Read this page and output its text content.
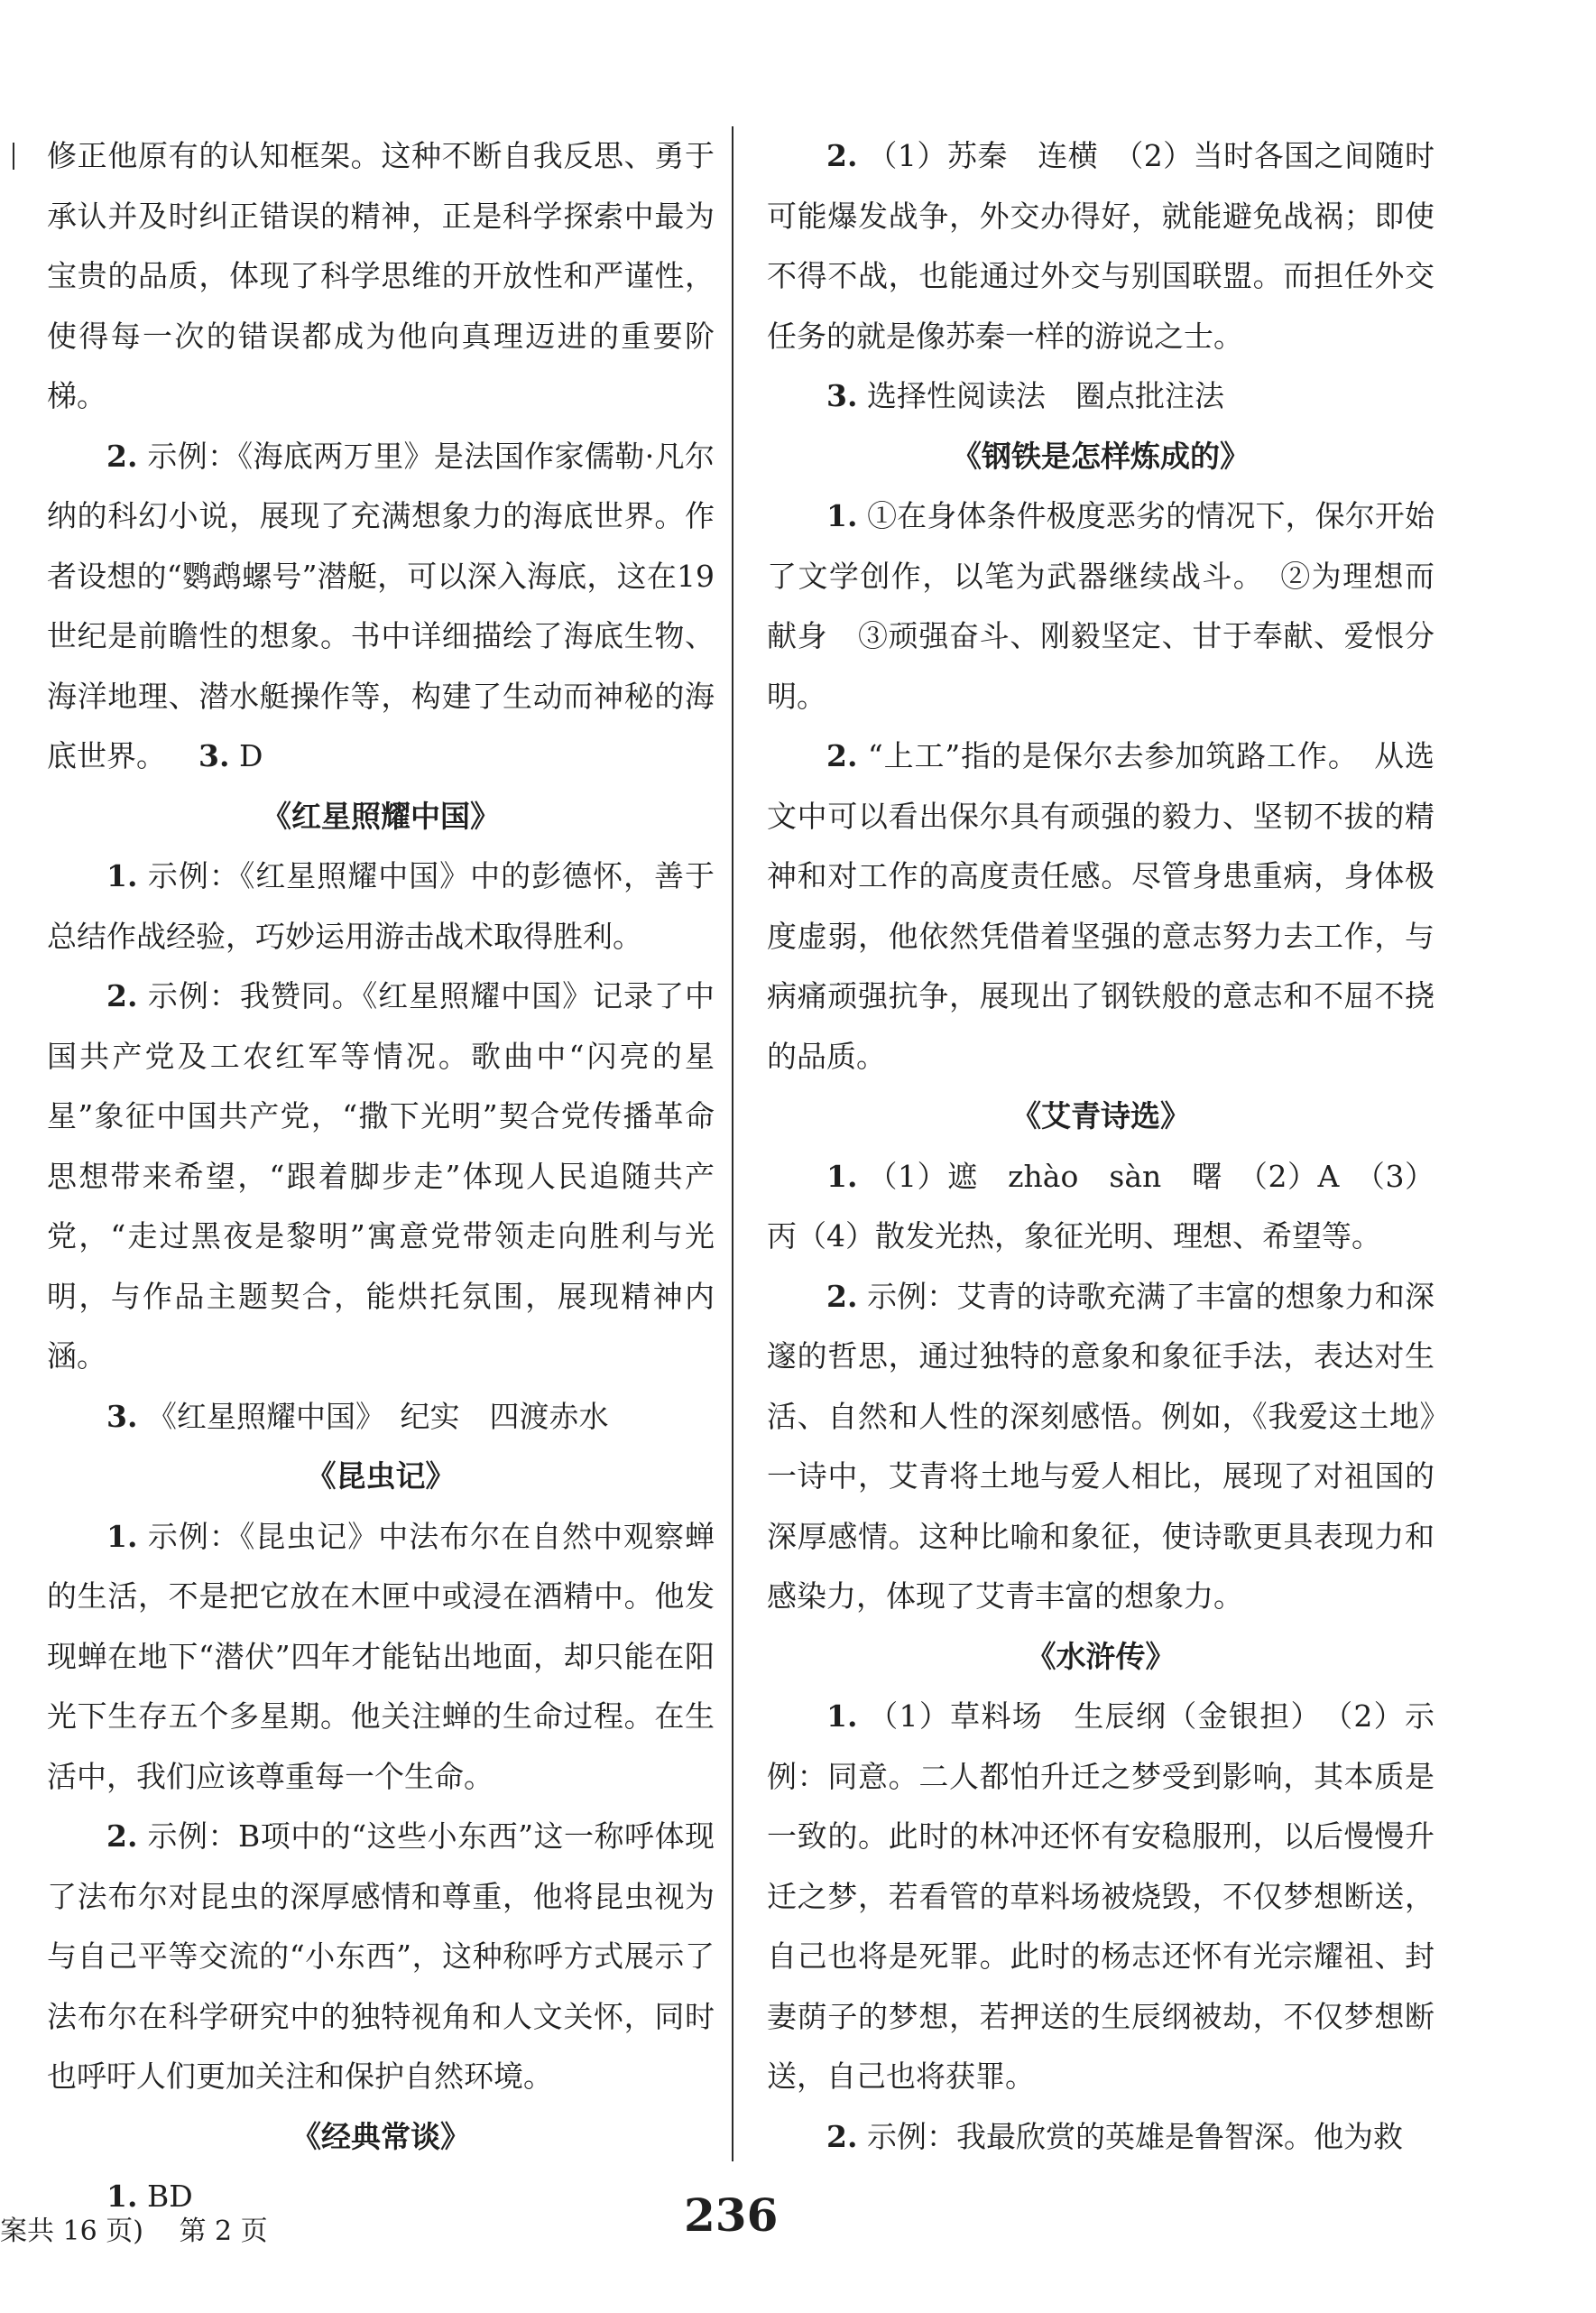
修正他原有的认知框架。这种不断自我反思、勇于承认并及时纠正错误的精神，正是科学探索中最为宝贵的品质，体现了科学思维的开放性和严谨性，使得每一次的错误都成为他向真理迈进的重要阶梯。

2. 示例：《海底两万里》是法国作家儒勒·凡尔纳的科幻小说，展现了充满想象力的海底世界。作者设想的“鹦鹉螺号”潜艇，可以深入海底，这在19世纪是前瞻性的想象。书中详细描绘了海底生物、海洋地理、潜水艇操作等，构建了生动而神秘的海底世界。 3. D

《红星照耀中国》

1. 示例：《红星照耀中国》中的彭德怀，善于总结作战经验，巧妙运用游击战术取得胜利。

2. 示例：我赞同。《红星照耀中国》记录了中国共产党及工农红军等情况。歌曲中“闪亮的星星”象征中国共产党，“撒下光明”契合党传播革命思想带来希望，“跟着脚步走”体现人民追随共产党，“走过黑夜是黎明”寓意党带领走向胜利与光明，与作品主题契合，能烘托氛围，展现精神内涵。

3. 《红星照耀中国》　纪实　四渡赤水

《昆虫记》

1. 示例：《昆虫记》中法布尔在自然中观察蝉的生活，不是把它放在木匣中或浸在酒精中。他发现蝉在地下“潜伏”四年才能钻出地面，却只能在阳光下生存五个多星期。他关注蝉的生命过程。在生活中，我们应该尊重每一个生命。

2. 示例：B项中的“这些小东西”这一称呼体现了法布尔对昆虫的深厚感情和尊重，他将昆虫视为与自己平等交流的“小东西”，这种称呼方式展示了法布尔在科学研究中的独特视角和人文关怀，同时也呼吁人们更加关注和保护自然环境。

《经典常谈》

1. BD

2. （1）苏秦　连横　（2）当时各国之间随时可能爆发战争，外交办得好，就能避免战祸；即使不得不战，也能通过外交与别国联盟。而担任外交任务的就是像苏秦一样的游说之士。

3. 选择性阅读法　圈点批注法

《钢铁是怎样炼成的》

1. ①在身体条件极度恶劣的情况下，保尔开始了文学创作，以笔为武器继续战斗。　②为理想而献身　③顽强奋斗、刚毅坚定、甘于奉献、爱恨分明。

2. “上工”指的是保尔去参加筑路工作。　从选文中可以看出保尔具有顽强的毅力、坚韧不拔的精神和对工作的高度责任感。尽管身患重病，身体极度虚弱，他依然凭借着坚强的意志努力去工作，与病痛顽强抗争，展现出了钢铁般的意志和不屈不挠的品质。

《艾青诗选》

1. （1）遮　zhào　sàn　曙　（2）A　（3）丙（4）散发光热，象征光明、理想、希望等。

2. 示例：艾青的诗歌充满了丰富的想象力和深邃的哲思，通过独特的意象和象征手法，表达对生活、自然和人性的深刻感悟。例如，《我爱这土地》一诗中，艾青将土地与爱人相比，展现了对祖国的深厚感情。这种比喻和象征，使诗歌更具表现力和感染力，体现了艾青丰富的想象力。

《水浒传》

1. （1）草料场　生辰纲（金银担）　（2）示例：同意。二人都怕升迁之梦受到影响，其本质是一致的。此时的林冲还怀有安稳服刑，以后慢慢升迁之梦，若看管的草料场被烧毁，不仅梦想断送，自己也将是死罪。此时的杨志还怀有光宗耀祖、封妻荫子的梦想，若押送的生辰纲被劫，不仅梦想断送，自己也将获罪。

2. 示例：我最欣赏的英雄是鲁智深。他为救

案共 16 页)　 第 2 页	236
